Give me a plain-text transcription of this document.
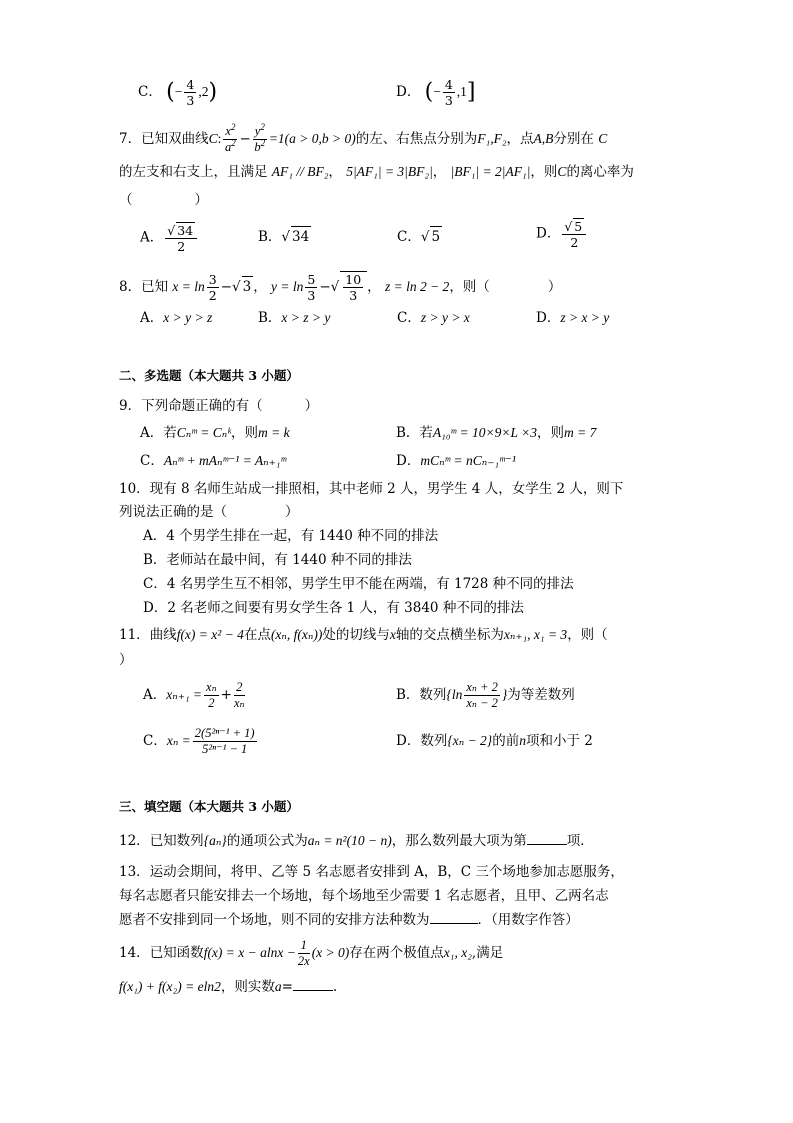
C． (− $\frac{4}{3} ,2$)	D． (− $\frac{4}{3} ,1$]
7．已知双曲线C: $\frac{x^2}{a^2} - \frac{y^2}{b^2} =1(a > 0,b > 0)$的左、右焦点分别为F₁,F₂，点A,B分别在 C
的左支和右支上，且满足 AF₁ // BF₂， 5|AF₁| = 3|BF₂|， |BF₁| = 2|AF₁|，则C的离心率为
（	）
A． $\frac{√ 34}{2}$	B．√ 34	C．√ 5	D． $\frac{√ 5}{2}$
8．已知 $x = \ln \frac{3}{2}$ −√ 3 ， $y = \ln \frac{5}{3}$ −√ $\frac{10}{3}$ ， z = ln 2 − 2，则（	）
A．x > y > z	B．x > z > y	C．z > y > x	D．z > x > y
二、多选题（本大题共 3 小题）
9．下列命题正确的有（	）
A．若Cₙᵐ = Cₙᵏ，则m = k	B．若A₁₀ᵐ = 10×9×L ×3，则m = 7
C．Aₙᵐ + mAₙᵐ⁻¹ = Aₙ₊₁ᵐ	D．mCₙᵐ = nCₙ₋₁ᵐ⁻¹
10．现有 8 名师生站成一排照相，其中老师 2 人，男学生 4 人，女学生 2 人，则下
列说法正确的是（	）
A．4 个男学生排在一起，有 1440 种不同的排法
B．老师站在最中间，有 1440 种不同的排法
C．4 名男学生互不相邻，男学生甲不能在两端，有 1728 种不同的排法
D．2 名老师之间要有男女学生各 1 人，有 3840 种不同的排法
11．曲线f(x) = x² − 4在点(xₙ, f(xₙ))处的切线与x轴的交点横坐标为xₙ₊₁, x₁ = 3，则（
）
A．$x_{n+1} = \frac{\text{xₙ}}{2} + \frac{2}{\text{xₙ}}$	B．数列{$\ln \frac{\text{xₙ + 2}}{\text{xₙ − 2}}$ }为等差数列
C．$x_n = \frac{\text{2(5²ⁿ⁻¹ + 1)}}{\text{5²ⁿ⁻¹ − 1}}$	D．数列{xₙ − 2}的前n项和小于 2
三、填空题（本大题共 3 小题）
12．已知数列{aₙ}的通项公式为aₙ = n²(10 − n)，那么数列最大项为第	项．
13．运动会期间，将甲、乙等 5 名志愿者安排到 A，B，C 三个场地参加志愿服务，
每名志愿者只能安排去一个场地，每个场地至少需要 1 名志愿者，且甲、乙两名志
愿者不安排到同一个场地，则不同的安排方法种数为	．（用数字作答）
14．已知函数$f(x) = x - alnx - \frac{1}{2x} (x > 0)$存在两个极值点x₁, x₂,满足
f(x₁) + f(x₂) = eln2，则实数a=	.
